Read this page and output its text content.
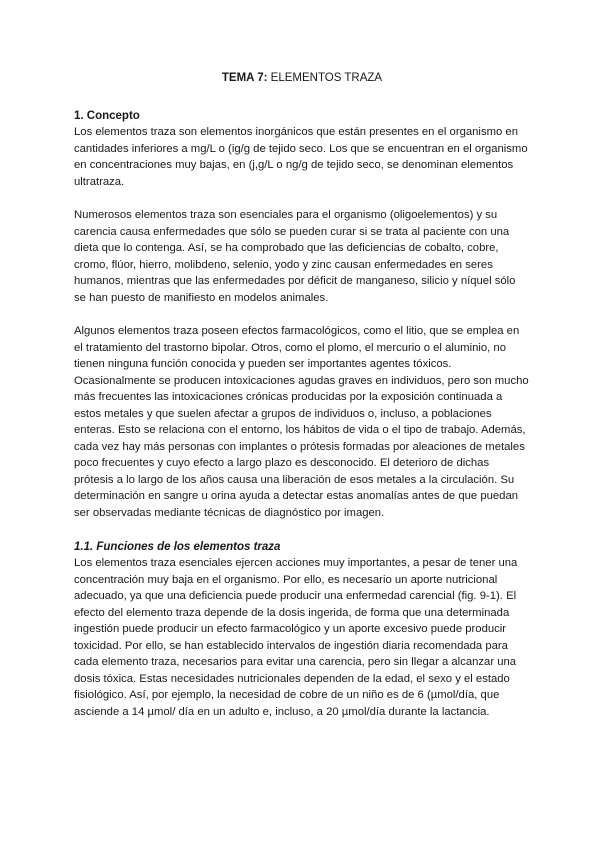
TEMA 7: ELEMENTOS TRAZA
1. Concepto

Los elementos traza son elementos inorgánicos que están presentes en el organismo en cantidades inferiores a mg/L o (ig/g de tejido seco. Los que se encuentran en el organismo en concentraciones muy bajas, en (j,g/L o ng/g de tejido seco, se denominan elementos ultratraza.

Numerosos elementos traza son esenciales para el organismo (oligoelementos) y su carencia causa enfermedades que sólo se pueden curar si se trata al paciente con una dieta que lo contenga. Así, se ha comprobado que las deficiencias de cobalto, cobre, cromo, flúor, hierro, molibdeno, selenio, yodo y zinc causan enfermedades en seres humanos, mientras que las enfermedades por déficit de manganeso, silicio y níquel sólo se han puesto de manifiesto en modelos animales.

Algunos elementos traza poseen efectos farmacológicos, como el litio, que se emplea en el tratamiento del trastorno bipolar. Otros, como el plomo, el mercurio o el aluminio, no tienen ninguna función conocida y pueden ser importantes agentes tóxicos. Ocasionalmente se producen intoxicaciones agudas graves en individuos, pero son mucho más frecuentes las intoxicaciones crónicas producidas por la exposición continuada a estos metales y que suelen afectar a grupos de individuos o, incluso, a poblaciones enteras. Esto se relaciona con el entorno, los hábitos de vida o el tipo de trabajo. Además, cada vez hay más personas con implantes o prótesis formadas por aleaciones de metales poco frecuentes y cuyo efecto a largo plazo es desconocido. El deterioro de dichas prótesis a lo largo de los años causa una liberación de esos metales a la circulación. Su determinación en sangre u orina ayuda a detectar estas anomalías antes de que puedan ser observadas mediante técnicas de diagnóstico por imagen.

1.1. Funciones de los elementos traza

Los elementos traza esenciales ejercen acciones muy importantes, a pesar de tener una concentración muy baja en el organismo. Por ello, es necesario un aporte nutricional adecuado, ya que una deficiencia puede producir una enfermedad carencial (fig. 9-1). El efecto del elemento traza depende de la dosis ingerida, de forma que una determinada ingestión puede producir un efecto farmacológico y un aporte excesivo puede producir toxicidad. Por ello, se han establecido intervalos de ingestión diaria recomendada para cada elemento traza, necesarios para evitar una carencia, pero sin llegar a alcanzar una dosis tóxica. Estas necesidades nutricionales dependen de la edad, el sexo y el estado fisiológico. Así, por ejemplo, la necesidad de cobre de un niño es de 6 (µmol/día, que asciende a 14 µmol/ día en un adulto e, incluso, a 20 µmol/día durante la lactancia.
